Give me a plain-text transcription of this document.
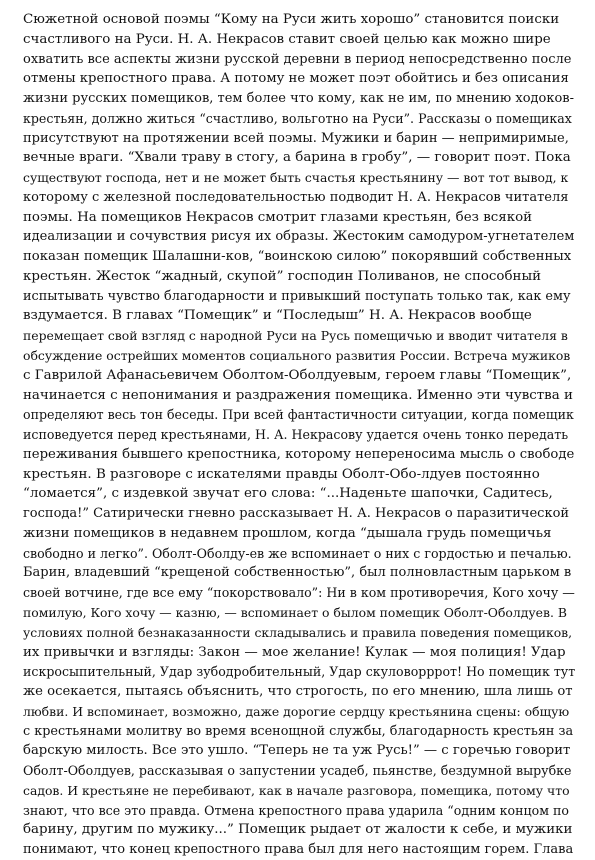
Сюжетной основой поэмы “Кому на Руси жить хорошо” становится поиски
счастливого на Руси. Н. А. Некрасов ставит своей целью как можно шире
охватить все аспекты жизни русской деревни в период непосредственно после
отмены крепостного права. А потому не может поэт обойтись и без описания
жизни русских помещиков, тем более что кому, как не им, по мнению ходоков-
крестьян, должно житься “счастливо, вольготно на Руси”. Рассказы о помещиках
присутствуют на протяжении всей поэмы. Мужики и барин — непримиримые,
вечные враги. “Хвали траву в стогу, а барина в гробу”, — говорит поэт. Пока
существуют господа, нет и не может быть счастья крестьянину — вот тот вывод, к
которому с железной последовательностью подводит Н. А. Некрасов читателя
поэмы. На помещиков Некрасов смотрит глазами крестьян, без всякой
идеализации и сочувствия рисуя их образы. Жестоким самодуром-угнетателем
показан помещик Шалашни-ков, “воинскою силою” покорявший собственных
крестьян. Жесток “жадный, скупой” господин Поливанов, не способный
испытывать чувство благодарности и привыкший поступать только так, как ему
вздумается. В главах “Помещик” и “Последыш” Н. А. Некрасов вообще
перемещает свой взгляд с народной Руси на Русь помещичью и вводит читателя в
обсуждение острейших моментов социального развития России. Встреча мужиков
с Гаврилой Афанасьевичем Оболтом-Оболдуевым, героем главы “Помещик”,
начинается с непонимания и раздражения помещика. Именно эти чувства и
определяют весь тон беседы. При всей фантастичности ситуации, когда помещик
исповедуется перед крестьянами, Н. А. Некрасову удается очень тонко передать
переживания бывшего крепостника, которому непереносима мысль о свободе
крестьян. В разговоре с искателями правды Оболт-Обо-лдуев постоянно
“ломается”, с издевкой звучат его слова: “...Наденьте шапочки, Садитесь,
господа!” Сатирически гневно рассказывает Н. А. Некрасов о паразитической
жизни помещиков в недавнем прошлом, когда “дышала грудь помещичья
свободно и легко”. Оболт-Оболду-ев же вспоминает о них с гордостью и печалью.
Барин, владевший “крещеной собственностью”, был полновластным царьком в
своей вотчине, где все ему “покорствовало”: Ни в ком противоречия, Кого хочу —
помилую, Кого хочу — казню, — вспоминает о былом помещик Оболт-Оболдуев. В
условиях полной безнаказанности складывались и правила поведения помещиков,
их привычки и взгляды: Закон — мое желание! Кулак — моя полиция! Удар
искросыпительный, Удар зубодробительный, Удар скуловорррот! Но помещик тут
же осекается, пытаясь объяснить, что строгость, по его мнению, шла лишь от
любви. И вспоминает, возможно, даже дорогие сердцу крестьянина сцены: общую
с крестьянами молитву во время всенощной службы, благодарность крестьян за
барскую милость. Все это ушло. “Теперь не та уж Русь!” — с горечью говорит
Оболт-Оболдуев, рассказывая о запустении усадеб, пьянстве, бездумной вырубке
садов. И крестьяне не перебивают, как в начале разговора, помещика, потому что
знают, что все это правда. Отмена крепостного права ударила “одним концом по
барину, другим по мужику...” Помещик рыдает от жалости к себе, и мужики
понимают, что конец крепостного права был для него настоящим горем. Глава
